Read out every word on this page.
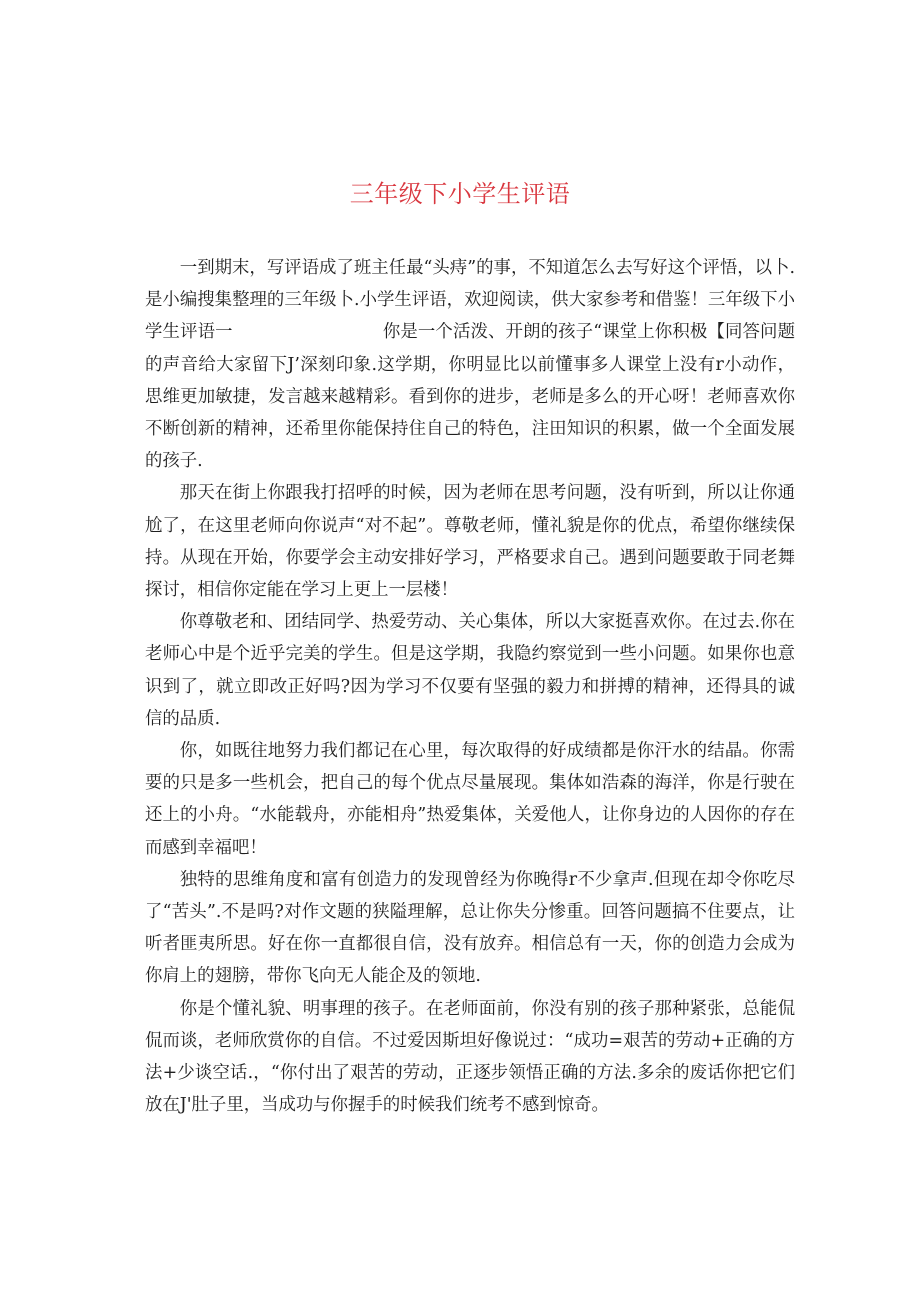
三年级下小学生评语

一到期末，写评语成了班主任最“头痔”的事，不知道怎么去写好这个评悟，以卜.是小编搜集整理的三年级卜.小学生评语，欢迎阅读，供大家参考和借鉴！三年级下小学生评语一	你是一个活泼、开朗的孩子“课堂上你积极【同答问题的声音给大家留下J’深刻印象.这学期，你明显比以前懂事多人课堂上没有r小动作，思维更加敏捷，发言越来越精彩。看到你的进步，老师是多么的开心呀！老师喜欢你不断创新的精神，还希里你能保持住自己的特色，注田知识的积累，做一个全面发展的孩子.

那天在街上你跟我打招呼的时候，因为老师在思考问题，没有听到，所以让你通尬了，在这里老师向你说声“对不起”。尊敬老师，懂礼貌是你的优点，希望你继续保持。从现在开始，你要学会主动安排好学习，严格要求自己。遇到问题要敢于同老舞探讨，相信你定能在学习上更上一层楼！

你尊敬老和、团结同学、热爱劳动、关心集体，所以大家挺喜欢你。在过去.你在老师心中是个近乎完美的学生。但是这学期，我隐约察觉到一些小问题。如果你也意识到了，就立即改正好吗?因为学习不仅要有坚强的毅力和拼搏的精神，还得具的诚信的品质.

你，如既往地努力我们都记在心里，每次取得的好成绩都是你汗水的结晶。你需要的只是多一些机会，把自己的每个优点尽量展现。集体如浩森的海洋，你是行驶在还上的小舟。“水能载舟，亦能相舟”热爱集体，关爱他人，让你身边的人因你的存在而感到幸福吧！

独特的思维角度和富有创造力的发现曾经为你晚得r不少拿声.但现在却令你吃尽了“苦头”.不是吗?对作文题的狭隘理解，总让你失分惨重。回答问题搞不住要点，让听者匪夷所思。好在你一直都很自信，没有放弃。相信总有一天，你的创造力会成为你肩上的翅膀，带你飞向无人能企及的领地.

你是个懂礼貌、明事理的孩子。在老师面前，你没有别的孩子那种紧张，总能侃侃而谈，老师欣赏你的自信。不过爱因斯坦好像说过：“成功=艰苦的劳动+正确的方法+少谈空话.，“你付出了艰苦的劳动，正逐步领悟正确的方法.多余的废话你把它们放在J'肚子里，当成功与你握手的时候我们统考不感到惊奇。
